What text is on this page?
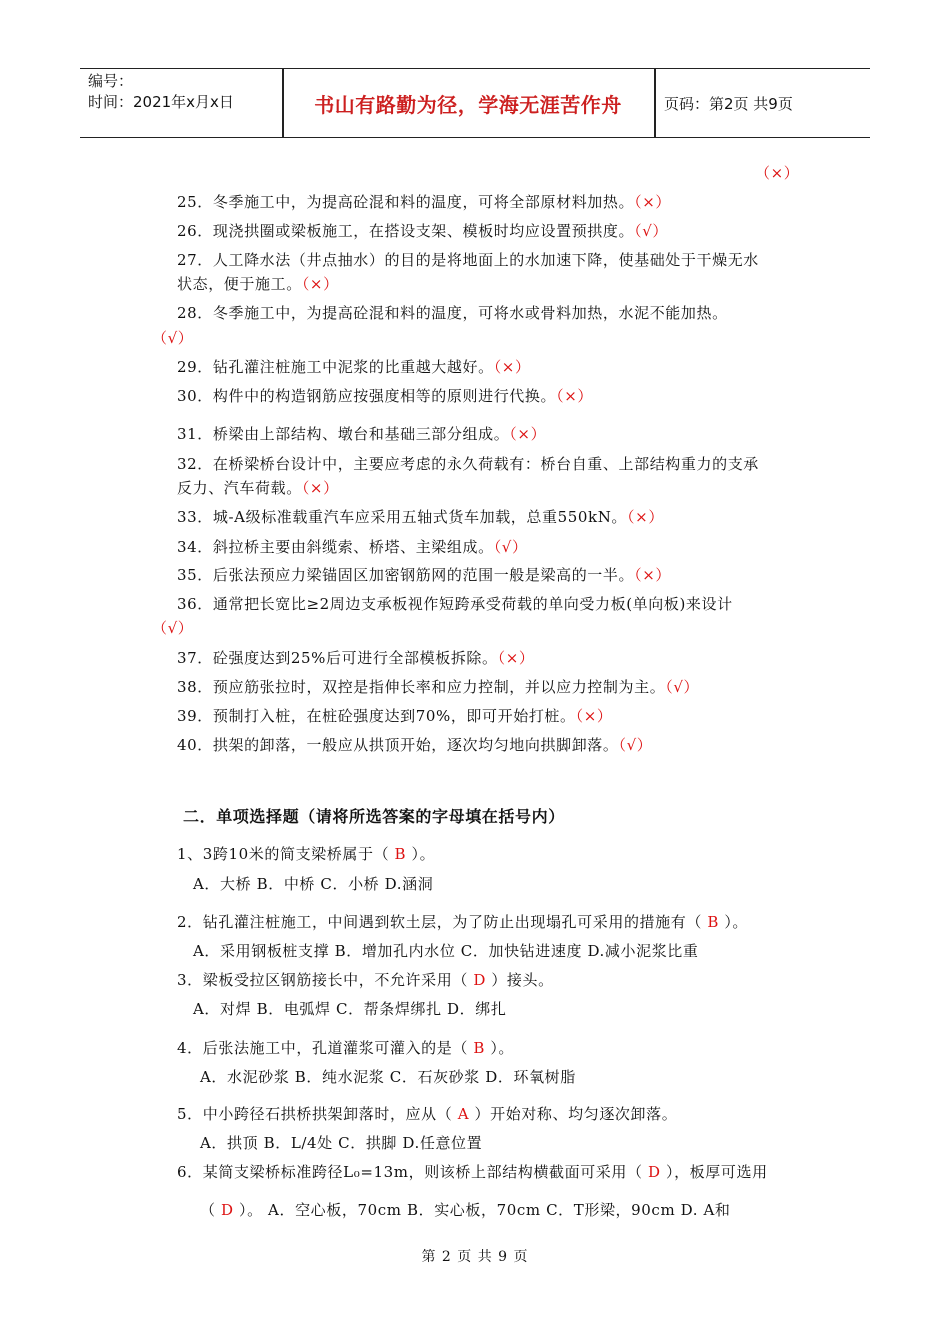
编号：
时间：2021年x月x日	书山有路勤为径，学海无涯苦作舟	页码：第2页 共9页
（×）
25．冬季施工中，为提高砼混和料的温度，可将全部原材料加热。（×）
26．现浇拱圈或梁板施工，在搭设支架、模板时均应设置预拱度。（√）
27．人工降水法（井点抽水）的目的是将地面上的水加速下降，使基础处于干燥无水
状态，便于施工。（×）
28．冬季施工中，为提高砼混和料的温度，可将水或骨料加热，水泥不能加热。
（√）
29．钻孔灌注桩施工中泥浆的比重越大越好。（×）
30．构件中的构造钢筋应按强度相等的原则进行代换。（×）
31．桥梁由上部结构、墩台和基础三部分组成。（×）
32．在桥梁桥台设计中，主要应考虑的永久荷载有：桥台自重、上部结构重力的支承
反力、汽车荷载。（×）
33．城-A级标准载重汽车应采用五轴式货车加载，总重550kN。（×）
34．斜拉桥主要由斜缆索、桥塔、主梁组成。（√）
35．后张法预应力梁锚固区加密钢筋网的范围一般是梁高的一半。（×）
36．通常把长宽比≥2周边支承板视作短跨承受荷载的单向受力板(单向板)来设计
（√）
37．砼强度达到25%后可进行全部模板拆除。（×）
38．预应筋张拉时，双控是指伸长率和应力控制，并以应力控制为主。（√）
39．预制打入桩，在桩砼强度达到70%，即可开始打桩。（×）
40．拱架的卸落，一般应从拱顶开始，逐次均匀地向拱脚卸落。（√）
二．单项选择题（请将所选答案的字母填在括号内）
1、3跨10米的简支梁桥属于（ B ）。
A．大桥 B．中桥 C．小桥 D.涵洞
2．钻孔灌注桩施工，中间遇到软土层，为了防止出现塌孔可采用的措施有（ B ）。
A．采用钢板桩支撑 B．增加孔内水位 C．加快钻进速度 D.减小泥浆比重
3．梁板受拉区钢筋接长中，不允许采用（ D ）接头。
A．对焊 B．电弧焊 C．帮条焊绑扎 D．绑扎
4．后张法施工中，孔道灌浆可灌入的是（ B ）。
A．水泥砂浆 B．纯水泥浆 C．石灰砂浆 D．环氧树脂
5．中小跨径石拱桥拱架卸落时，应从（ A ）开始对称、均匀逐次卸落。
A．拱顶 B．L/4处 C．拱脚 D.任意位置
6．某简支梁桥标准跨径L₀=13m，则该桥上部结构横截面可采用（ D ），板厚可选用
（ D ）。 A．空心板，70cm B．实心板，70cm C．T形梁，90cm D. A和
第 2 页 共 9 页
